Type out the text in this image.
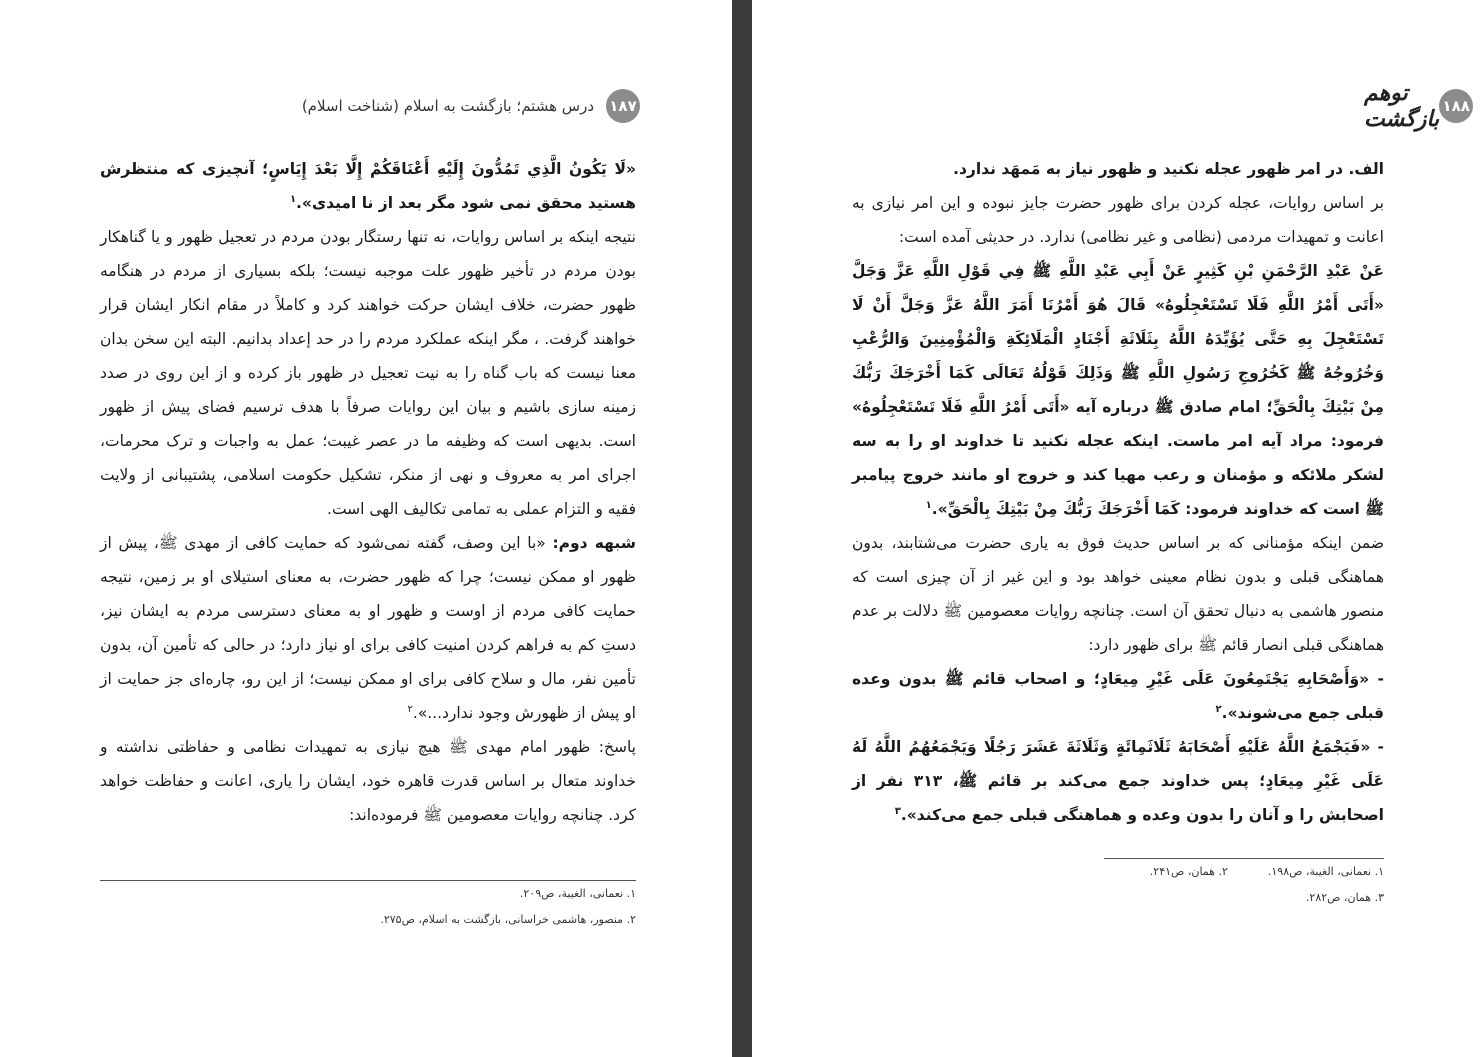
۱۸۷
درس هشتم؛ بازگشت به اسلام (شناخت اسلام)

«لَا يَكُونُ الَّذِي تَمُدُّونَ إِلَيْهِ أَعْنَاقَكُمْ إِلَّا بَعْدَ إِيَاسٍ؛ آنچیزی که منتظرش هستید محقق نمی شود مگر بعد از نا امیدی».$^۱$

نتیجه اینکه بر اساس روایات، نه تنها رستگار بودن مردم در تعجیل ظهور و یا گناهکار بودن مردم در تأخیر ظهور علت موجبه نیست؛ بلکه بسیاری از مردم در هنگامه ظهور حضرت، خلاف ایشان حرکت خواهند کرد و کاملاً در مقام انکار ایشان قرار خواهند گرفت. ، مگر اینکه عملکرد مردم را در حد إعداد بدانیم. البته این سخن بدان معنا نیست که باب گناه را به نیت تعجیل در ظهور باز کرده و از این روی در صدد زمینه سازی باشیم و بیان این روایات صرفاً با هدف ترسیم فضای پیش از ظهور است. بدیهی است که وظیفه ما در عصر غیبت؛ عمل به واجبات و ترک محرمات، اجرای امر به معروف و نهی از منکر، تشکیل حکومت اسلامی، پشتیبانی از ولایت فقیه و التزام عملی به تمامی تکالیف الهی است.

شبهه دوم: «با این وصف، گفته نمی‌شود که حمایت کافی از مهدی ﷺ، پیش از ظهور او ممکن نیست؛ چرا که ظهور حضرت، به معنای استیلای او بر زمین، نتیجه حمایت کافی مردم از اوست و ظهور او به معنای دسترسی مردم به ایشان نیز، دستِ کم به فراهم کردن امنیت کافی برای او نیاز دارد؛ در حالی که تأمین آن، بدون تأمین نفر، مال و سلاح کافی برای او ممکن نیست؛ از این رو، چاره‌ای جز حمایت از او پیش از ظهورش وجود ندارد...».$^۲$

پاسخ: ظهور امام مهدی ﷺ هیچ نیازی به تمهیدات نظامی و حفاظتی نداشته و خداوند متعال بر اساس قدرت قاهره خود، ایشان را یاری، اعانت و حفاظت خواهد کرد. چنانچه روایات معصومین ﷺ فرموده‌اند:

۱. نعمانی، الغیبة، ص۲۰۹.
۲. منصور، هاشمی خراسانی، بازگشت به اسلام، ص۲۷۵.
توهم بازگشت ۱۸۸

الف. در امر ظهور عجله نکنید و ظهور نیاز به مَمهَد ندارد.

بر اساس روایات، عجله کردن برای ظهور حضرت جایز نبوده و این امر نیازی به اعانت و تمهیدات مردمی (نظامی و غیر نظامی) ندارد. در حدیثی آمده است:

عَنْ عَبْدِ الرَّحْمَنِ بْنِ كَثِيرٍ عَنْ أَبِي عَبْدِ اللَّهِ ﷺ فِي قَوْلِ اللَّهِ عَزَّ وَجَلَّ «أَتَى أَمْرُ اللَّهِ فَلَا تَسْتَعْجِلُوهُ» قَالَ هُوَ أَمْرُنَا أَمَرَ اللَّهُ عَزَّ وَجَلَّ أَنْ لَا تَسْتَعْجِلَ بِهِ حَتَّى يُؤَيِّدَهُ اللَّهُ بِثَلَاثَةِ أَجْنَادٍ الْمَلَائِكَةِ وَالْمُؤْمِنِينَ وَالرُّعْبِ وَخُرُوجُهُ ﷺ كَخُرُوجِ رَسُولِ اللَّهِ ﷺ وَذَلِكَ قَوْلُهُ تَعَالَى كَمَا أَخْرَجَكَ رَبُّكَ مِنْ بَيْتِكَ بِالْحَقِّ؛ امام صادق ﷺ درباره آیه «أَتَى أَمْرُ اللَّهِ فَلَا تَسْتَعْجِلُوهُ» فرمود: مراد آیه امر ماست. اینکه عجله نکنید تا خداوند او را به سه لشکر ملائکه و مؤمنان و رعب مهیا کند و خروج او مانند خروج پیامبر ﷺ است که خداوند فرمود: كَمَا أَخْرَجَكَ رَبُّكَ مِنْ بَيْتِكَ بِالْحَقِّ».$^۱$

ضمن اینکه مؤمنانی که بر اساس حدیث فوق به یاری حضرت می‌شتابند، بدون هماهنگی قبلی و بدون نظام معینی خواهد بود و این غیر از آن چیزی است که منصور هاشمی به دنبال تحقق آن است. چنانچه روایات معصومین ﷺ دلالت بر عدم هماهنگی قبلی انصار قائم ﷺ برای ظهور دارد:

- «وَأَصْحَابِهِ يَجْتَمِعُونَ عَلَى غَيْرِ مِيعَادٍ؛ و اصحاب قائم ﷺ بدون وعده قبلی جمع می‌شوند».$^۲$

- «فَيَجْمَعُ اللَّهُ عَلَيْهِ أَصْحَابَهُ ثَلَاثَمِائَةٍ وَثَلَاثَةَ عَشَرَ رَجُلًا وَيَجْمَعُهُمُ اللَّهُ لَهُ عَلَى غَيْرِ مِيعَادٍ؛ پس خداوند جمع می‌کند بر قائم ﷺ، ۳۱۳ نفر از اصحابش را و آنان را بدون وعده و هماهنگی قبلی جمع می‌کند».$^۳$

۱. نعمانی، الغیبة، ص۱۹۸.
۲. همان، ص۲۴۱.
۳. همان، ص۲۸۲.
